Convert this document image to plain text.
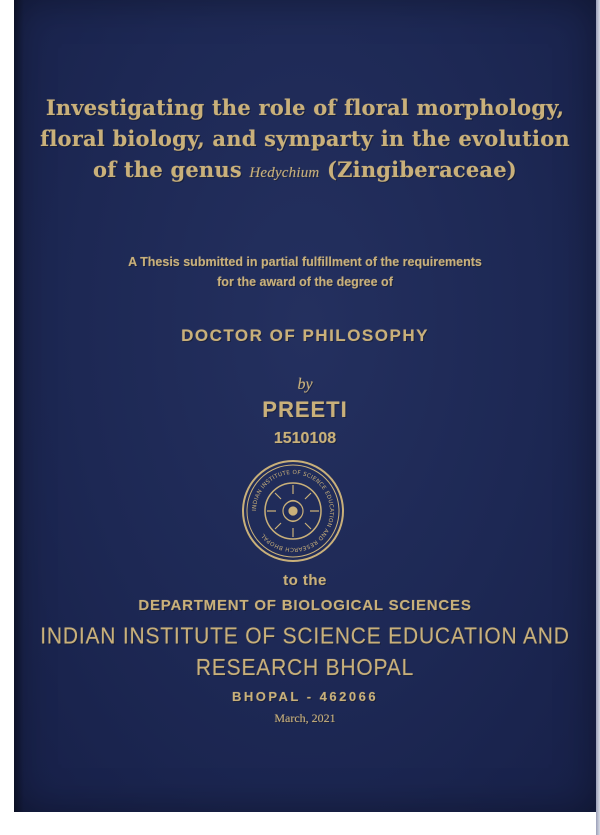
Investigating the role of floral morphology,
floral biology, and symparty in the evolution
of the genus Hedychium (Zingiberaceae)
A Thesis submitted in partial fulfillment of the requirements
for the award of the degree of
DOCTOR OF PHILOSOPHY
by
PREETI
1510108
INDIAN INSTITUTE OF SCIENCE EDUCATION AND RESEARCH BHOPAL
to the
DEPARTMENT OF BIOLOGICAL SCIENCES
INDIAN INSTITUTE OF SCIENCE EDUCATION AND
RESEARCH BHOPAL
BHOPAL - 462066
March, 2021
